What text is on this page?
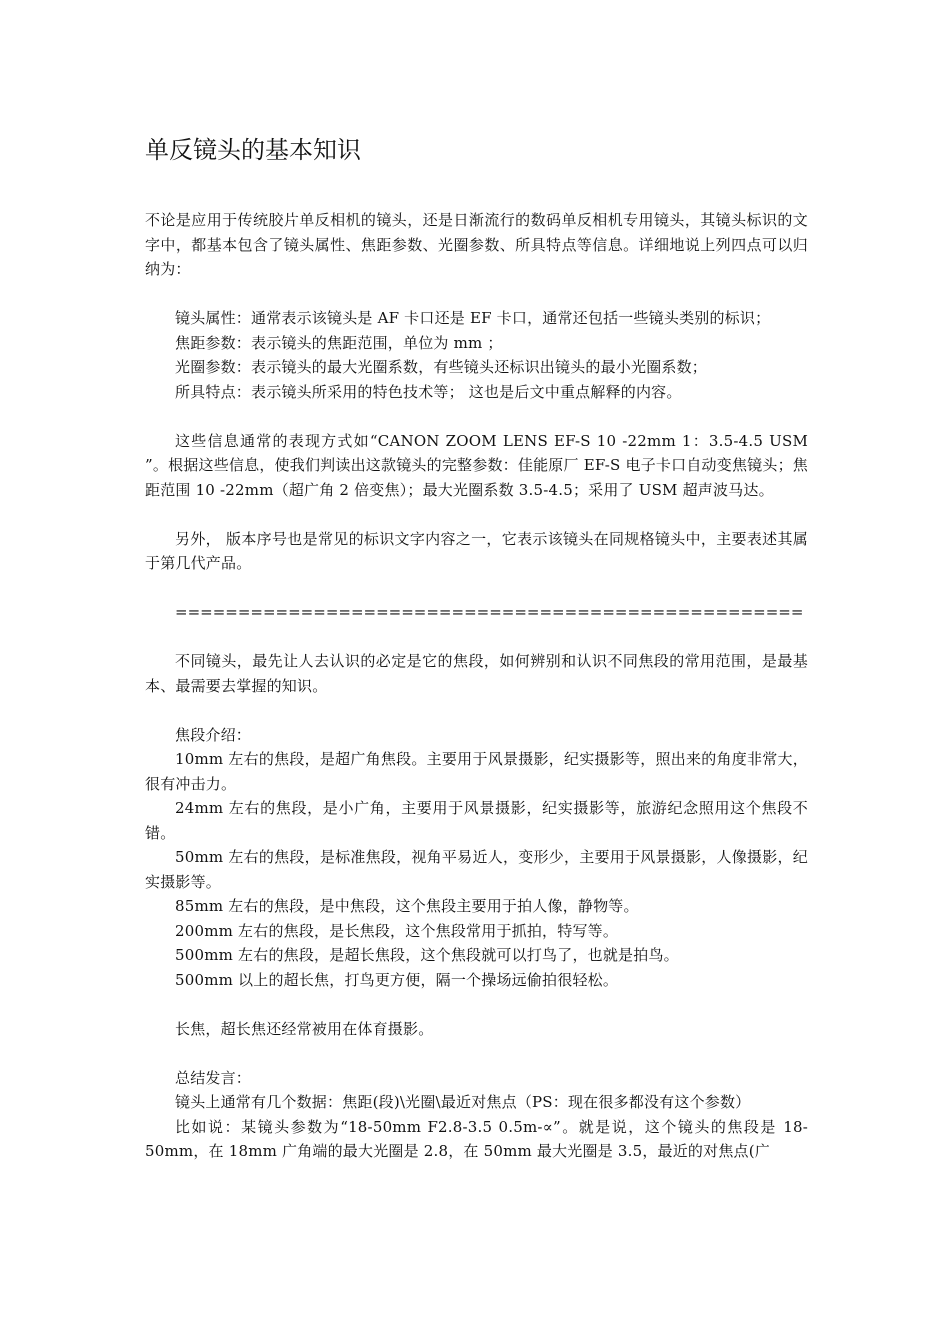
单反镜头的基本知识

不论是应用于传统胶片单反相机的镜头，还是日渐流行的数码单反相机专用镜头，其镜头标识的文字中，都基本包含了镜头属性、焦距参数、光圈参数、所具特点等信息。详细地说上列四点可以归纳为：

镜头属性：通常表示该镜头是 AF 卡口还是 EF 卡口，通常还包括一些镜头类别的标识；

焦距参数：表示镜头的焦距范围，单位为 mm ；

光圈参数：表示镜头的最大光圈系数，有些镜头还标识出镜头的最小光圈系数；

所具特点：表示镜头所采用的特色技术等； 这也是后文中重点解释的内容。

这些信息通常的表现方式如“CANON ZOOM LENS EF-S 10 -22mm 1：3.5-4.5 USM ”。根据这些信息，使我们判读出这款镜头的完整参数：佳能原厂 EF-S 电子卡口自动变焦镜头；焦距范围 10 -22mm（超广角 2 倍变焦）；最大光圈系数 3.5-4.5；采用了 USM 超声波马达。

另外， 版本序号也是常见的标识文字内容之一，它表示该镜头在同规格镜头中，主要表述其属于第几代产品。

==================================================

不同镜头，最先让人去认识的必定是它的焦段，如何辨别和认识不同焦段的常用范围，是最基本、最需要去掌握的知识。

焦段介绍：

10mm 左右的焦段，是超广角焦段。主要用于风景摄影，纪实摄影等，照出来的角度非常大，很有冲击力。

24mm 左右的焦段，是小广角，主要用于风景摄影，纪实摄影等，旅游纪念照用这个焦段不错。

50mm 左右的焦段，是标准焦段，视角平易近人，变形少，主要用于风景摄影，人像摄影，纪实摄影等。

85mm 左右的焦段，是中焦段，这个焦段主要用于拍人像，静物等。

200mm 左右的焦段，是长焦段，这个焦段常用于抓拍，特写等。

500mm 左右的焦段，是超长焦段，这个焦段就可以打鸟了，也就是拍鸟。

500mm 以上的超长焦，打鸟更方便，隔一个操场远偷拍很轻松。

长焦，超长焦还经常被用在体育摄影。

总结发言：

镜头上通常有几个数据：焦距(段)\光圈\最近对焦点（PS：现在很多都没有这个参数）

比如说：某镜头参数为“18-50mm F2.8-3.5 0.5m-∝”。就是说，这个镜头的焦段是 18-50mm，在 18mm 广角端的最大光圈是 2.8，在 50mm 最大光圈是 3.5，最近的对焦点(广
